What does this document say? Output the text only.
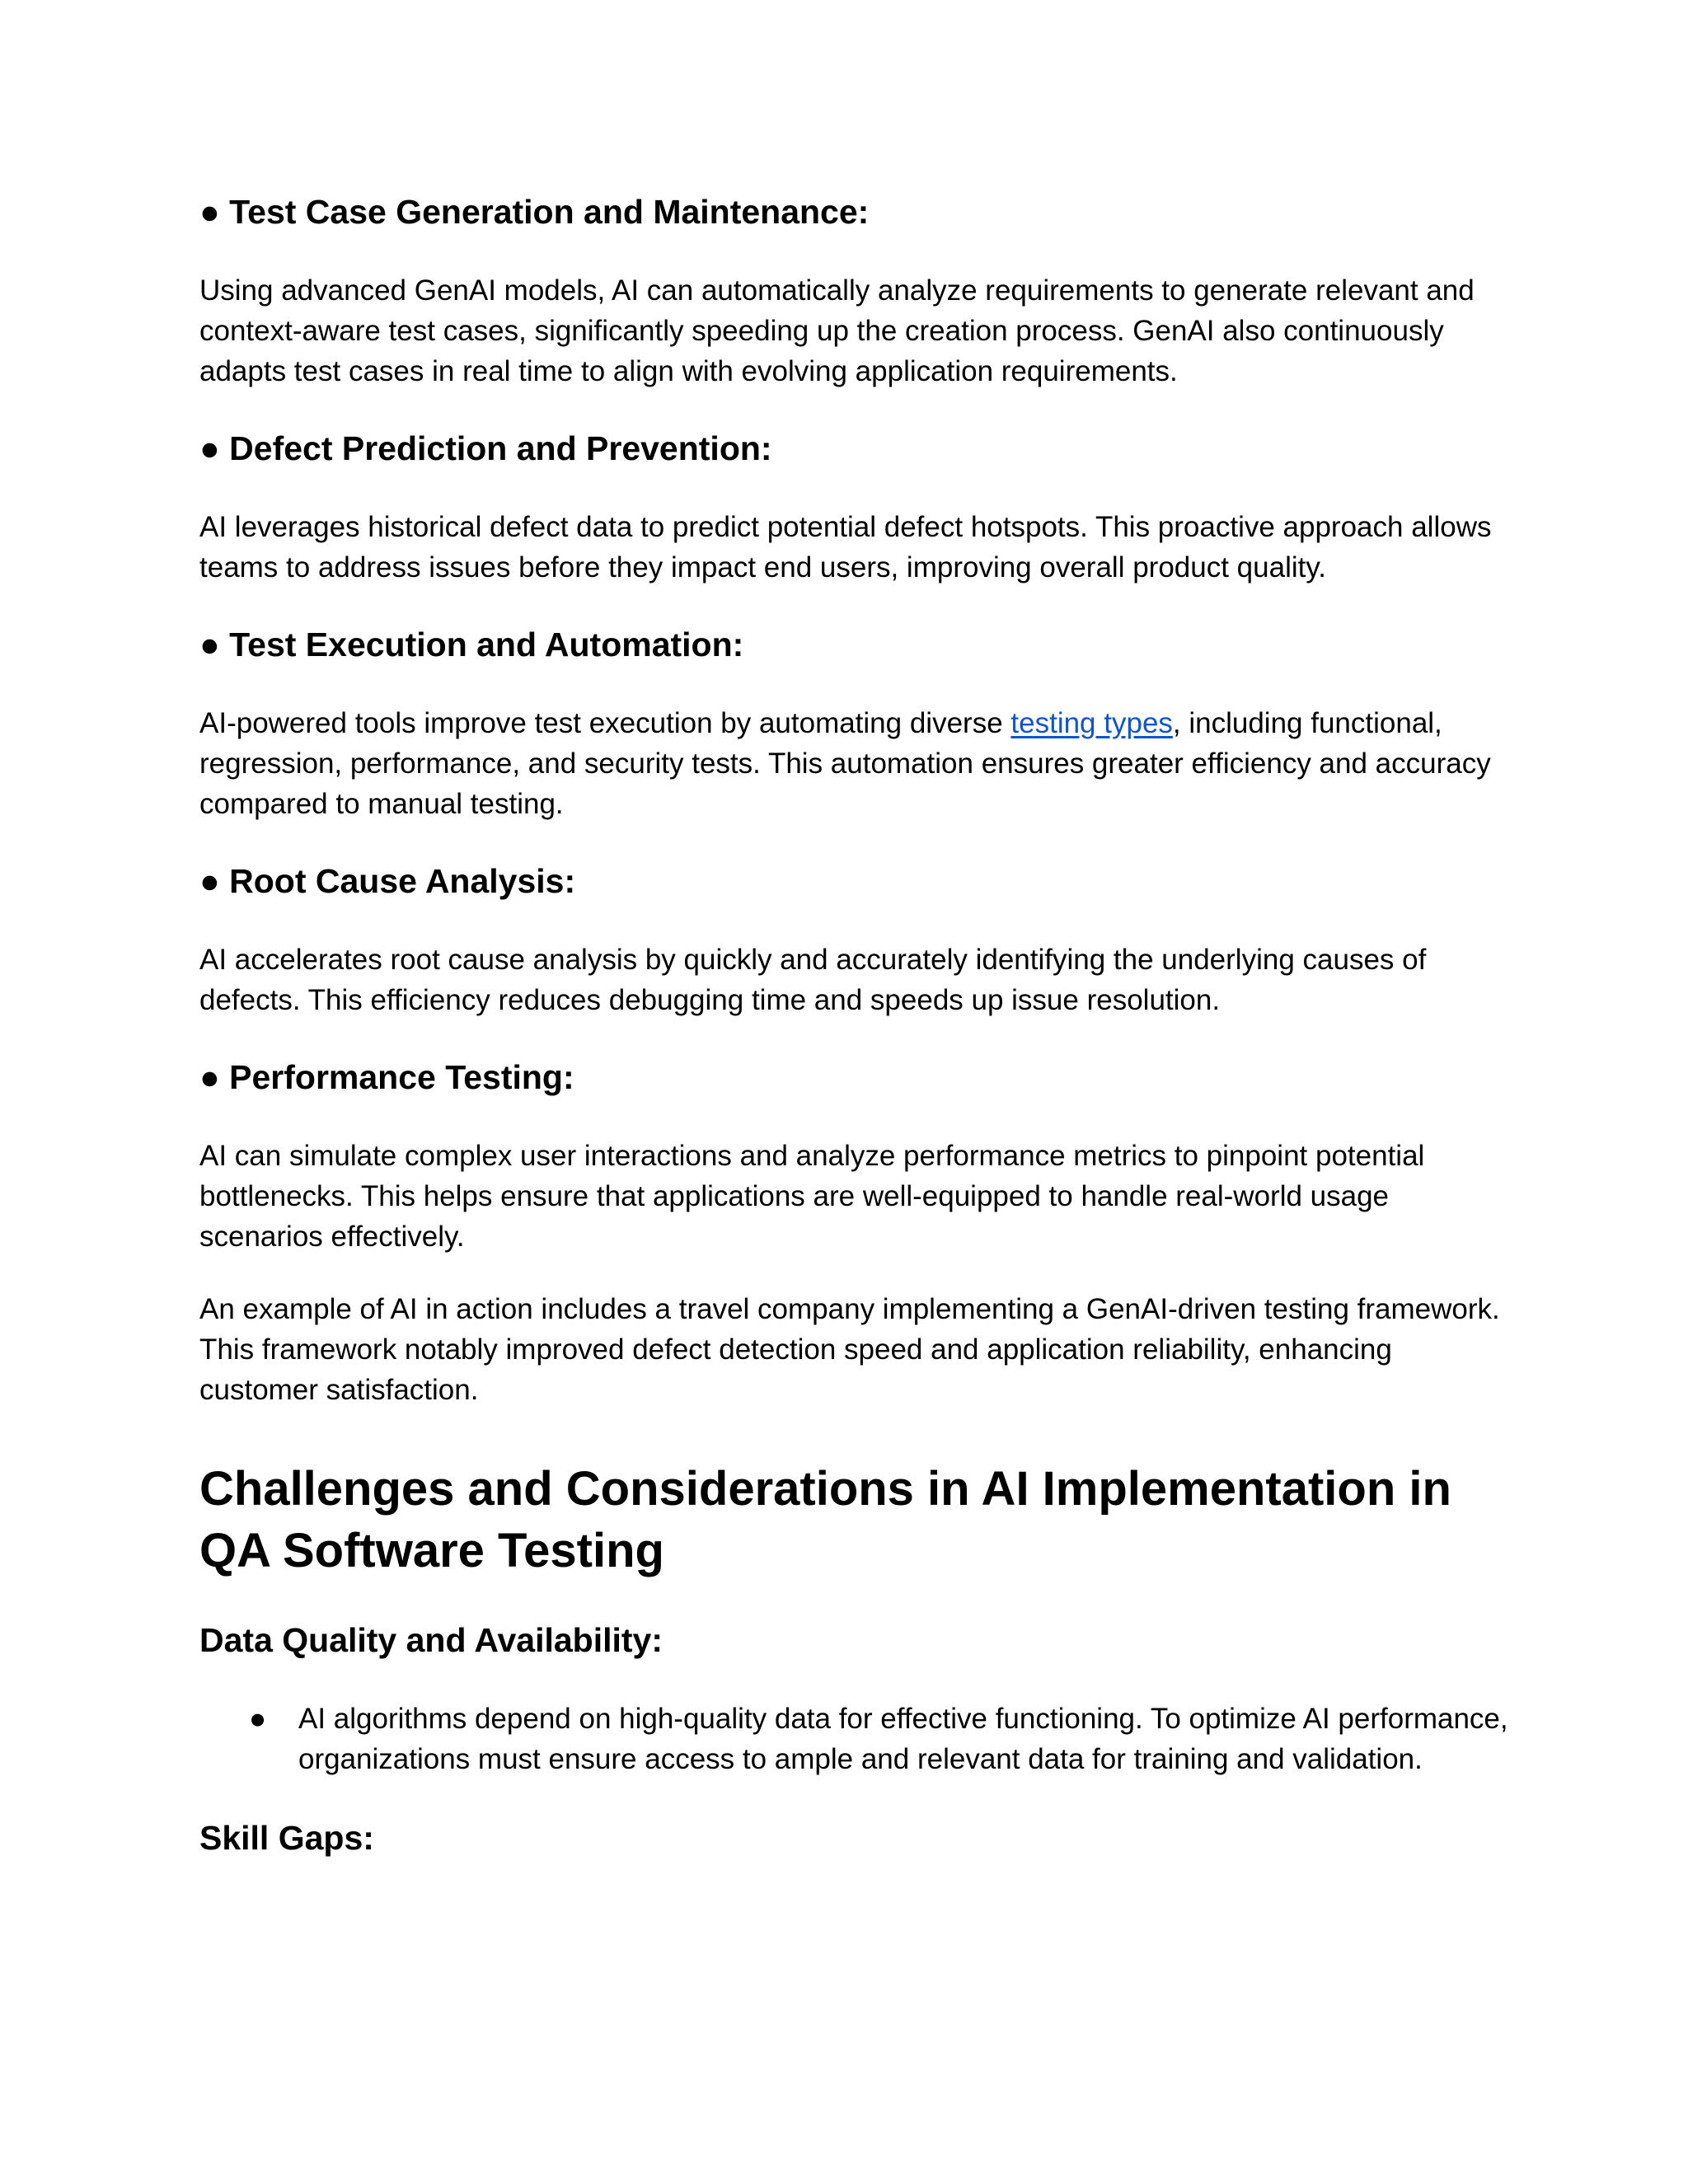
● Test Case Generation and Maintenance:

Using advanced GenAI models, AI can automatically analyze requirements to generate relevant and context-aware test cases, significantly speeding up the creation process. GenAI also continuously adapts test cases in real time to align with evolving application requirements.

● Defect Prediction and Prevention:

AI leverages historical defect data to predict potential defect hotspots. This proactive approach allows teams to address issues before they impact end users, improving overall product quality.

● Test Execution and Automation:

AI-powered tools improve test execution by automating diverse testing types, including functional, regression, performance, and security tests. This automation ensures greater efficiency and accuracy compared to manual testing.

● Root Cause Analysis:

AI accelerates root cause analysis by quickly and accurately identifying the underlying causes of defects. This efficiency reduces debugging time and speeds up issue resolution.

● Performance Testing:

AI can simulate complex user interactions and analyze performance metrics to pinpoint potential bottlenecks. This helps ensure that applications are well-equipped to handle real-world usage scenarios effectively.

An example of AI in action includes a travel company implementing a GenAI-driven testing framework. This framework notably improved defect detection speed and application reliability, enhancing customer satisfaction.

Challenges and Considerations in AI Implementation in QA Software Testing
Data Quality and Availability:
● AI algorithms depend on high-quality data for effective functioning. To optimize AI performance, organizations must ensure access to ample and relevant data for training and validation.
Skill Gaps:
